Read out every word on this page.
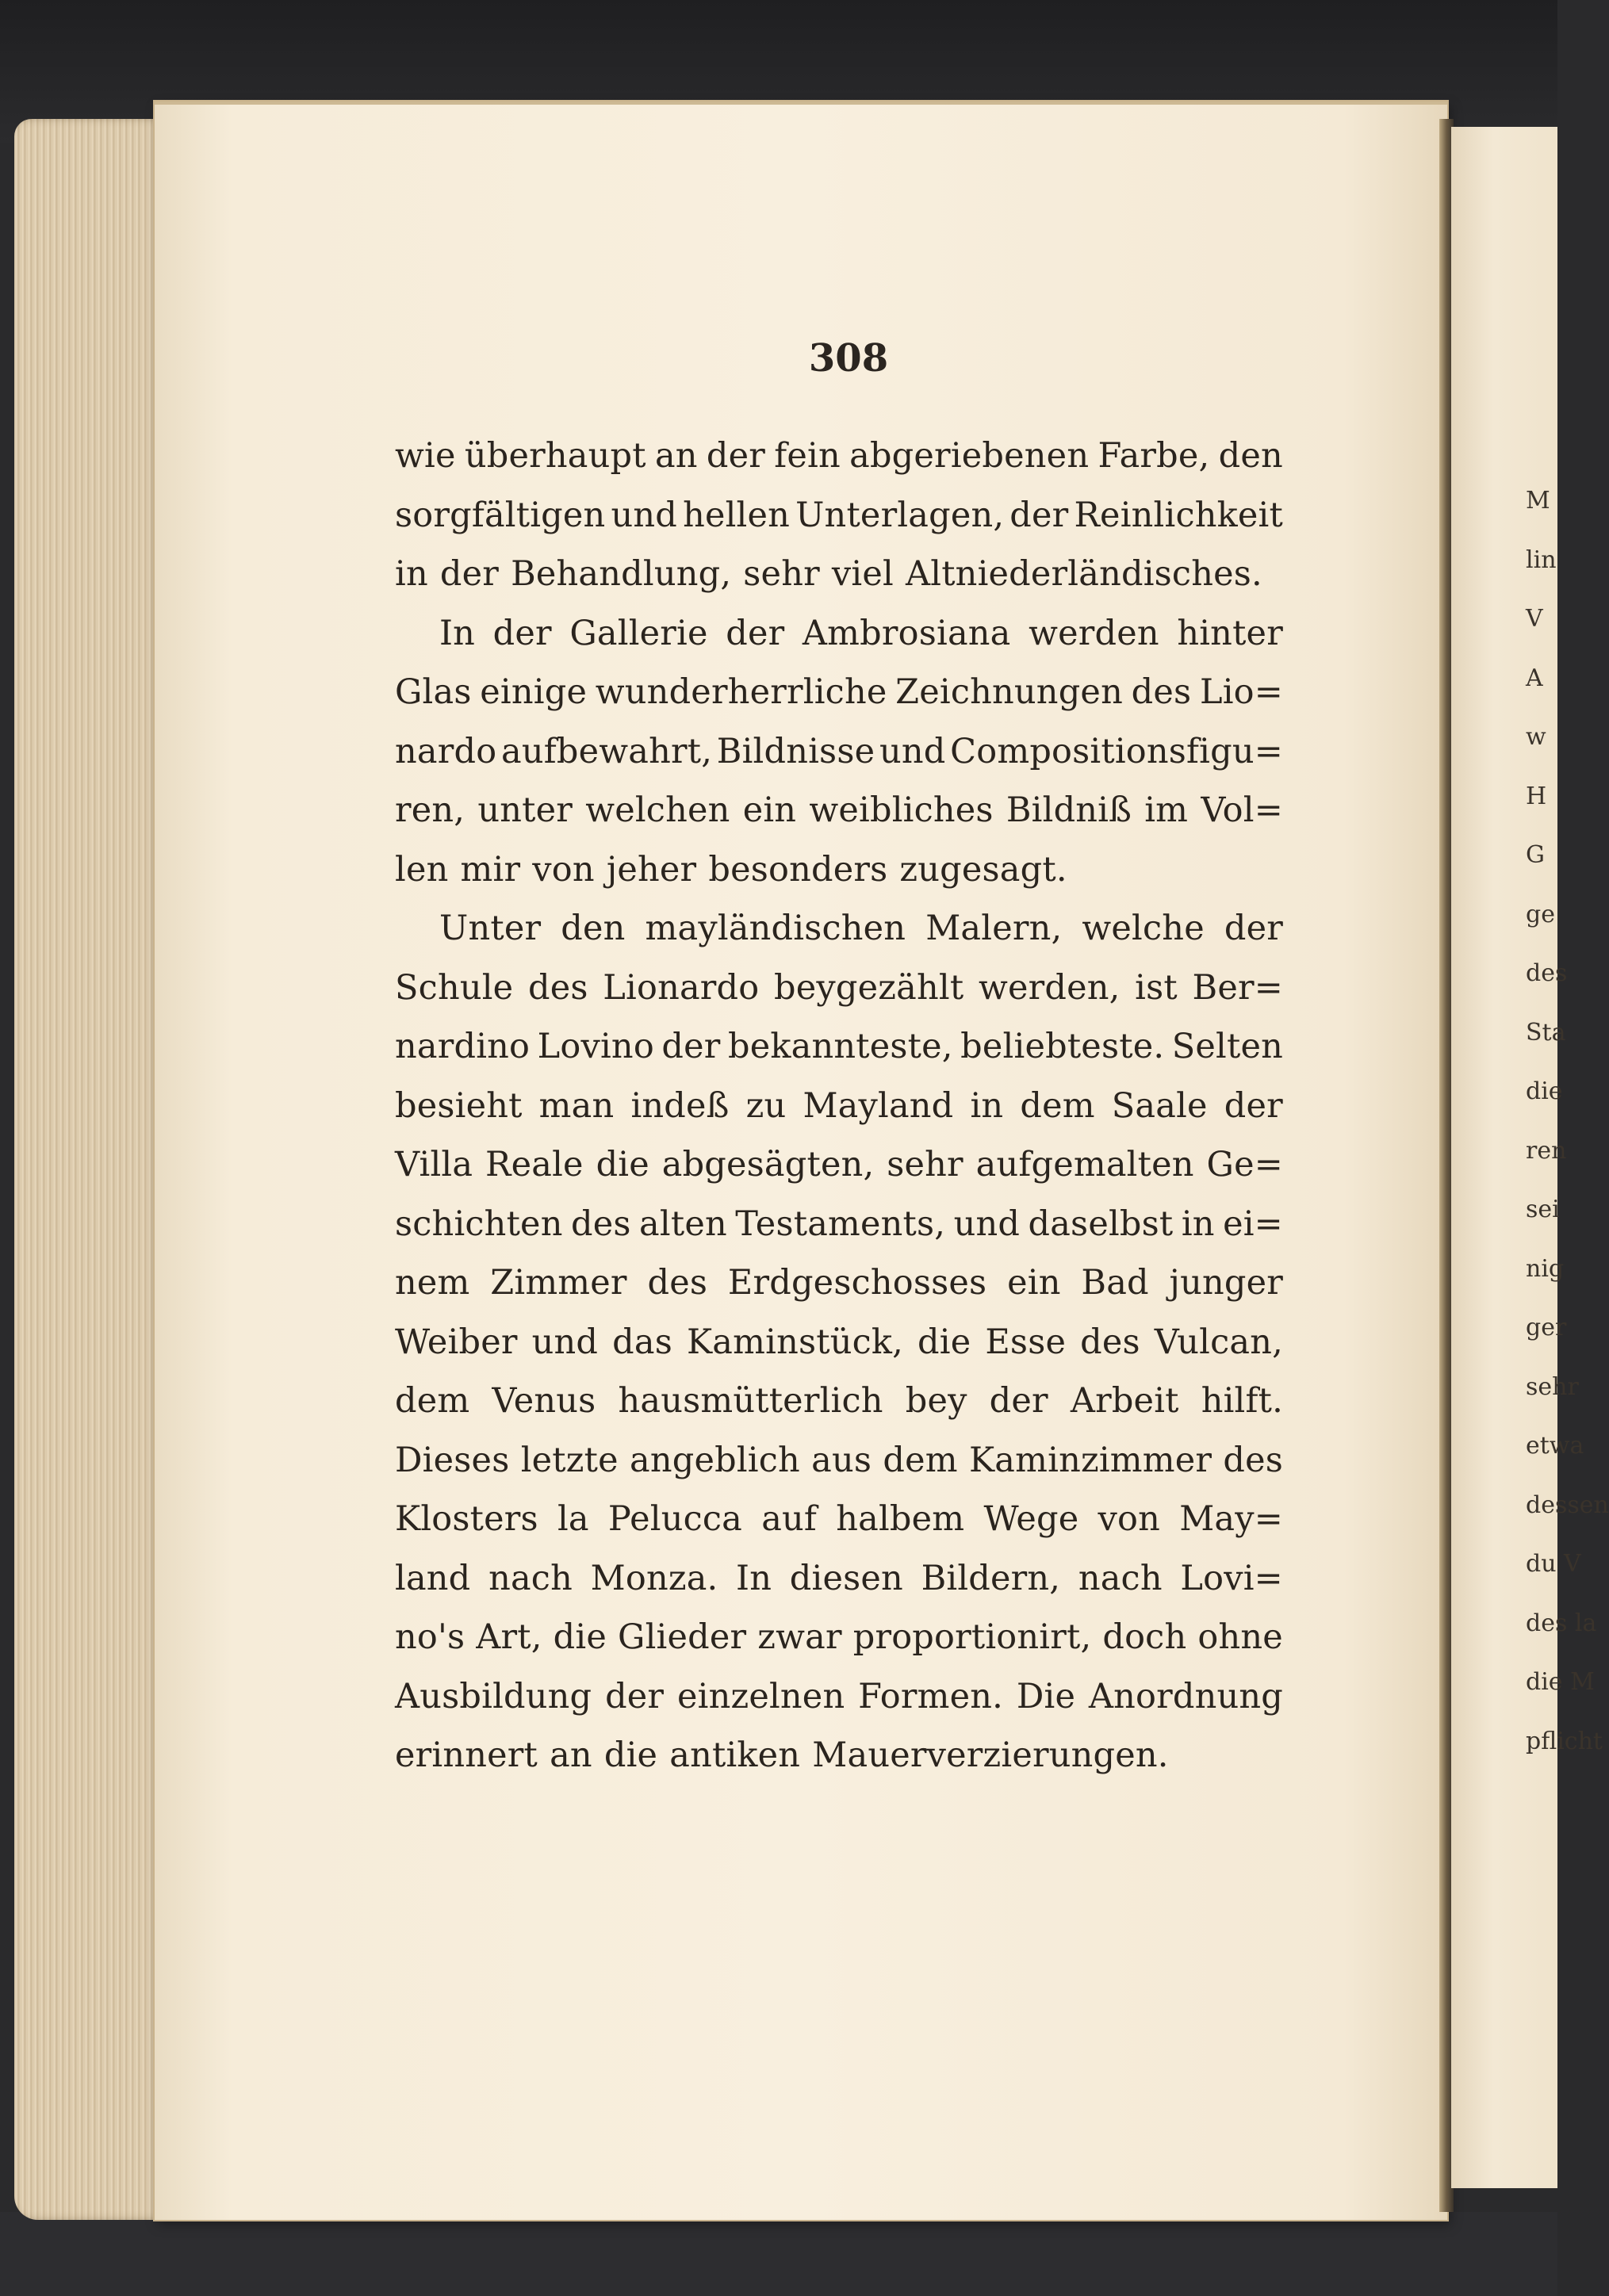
308
wie überhaupt an der fein abgeriebenen Farbe, den
sorgfältigen und hellen Unterlagen, der Reinlichkeit
in der Behandlung, sehr viel Altniederländisches.
In der Gallerie der Ambrosiana werden hinter
Glas einige wunderherrliche Zeichnungen des Lio=
nardo aufbewahrt, Bildnisse und Compositionsfigu=
ren, unter welchen ein weibliches Bildniß im Vol=
len mir von jeher besonders zugesagt.
Unter den mayländischen Malern, welche der
Schule des Lionardo beygezählt werden, ist Ber=
nardino Lovino der bekannteste, beliebteste. Selten
besieht man indeß zu Mayland in dem Saale der
Villa Reale die abgesägten, sehr aufgemalten Ge=
schichten des alten Testaments, und daselbst in ei=
nem Zimmer des Erdgeschosses ein Bad junger
Weiber und das Kaminstück, die Esse des Vulcan,
dem Venus hausmütterlich bey der Arbeit hilft.
Dieses letzte angeblich aus dem Kaminzimmer des
Klosters la Pelucca auf halbem Wege von May=
land nach Monza. In diesen Bildern, nach Lovi=
no's Art, die Glieder zwar proportionirt, doch ohne
Ausbildung der einzelnen Formen. Die Anordnung
erinnert an die antiken Mauerverzierungen.
M
lin
V
A
w
H
G
ge
des
Sta
die
ren
sei
nig
ger
sehr
etwa
dessen
du V
des la
die M
pflicht
